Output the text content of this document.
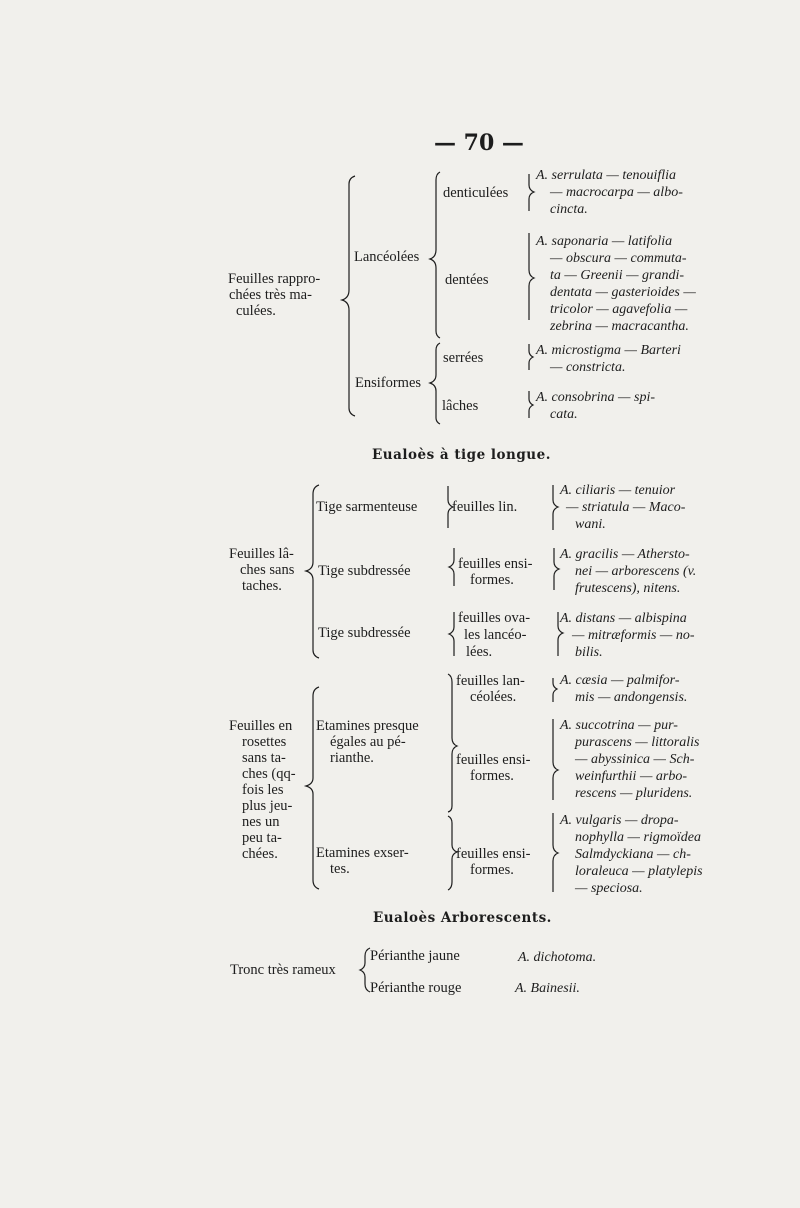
— 70 —
Feuilles rappro-
chées très ma-
culées.
Lancéolées
Ensiformes
denticulées
dentées
serrées
lâches
A. serrulata — tenouiflia
— macrocarpa — albo-
cincta.
A. saponaria — latifolia
— obscura — commuta-
ta — Greenii — grandi-
dentata — gasterioides —
tricolor — agavefolia —
zebrina — macracantha.
A. microstigma — Barteri
— constricta.
A. consobrina — spi-
cata.
Eualoès à tige longue.
Feuilles lâ-
ches sans
taches.
Tige sarmenteuse
Tige subdressée
Tige subdressée
feuilles lin.
feuilles ensi-
formes.
feuilles ova-
les lancéo-
lées.
A. ciliaris — tenuior
— striatula — Maco-
wani.
A. gracilis — Athersto-
nei — arborescens (v.
frutescens), nitens.
A. distans — albispina
— mitræformis — no-
bilis.
Feuilles en
rosettes
sans ta-
ches (qq-
fois les
plus jeu-
nes un
peu ta-
chées.
Etamines presque
égales au pé-
rianthe.
Etamines exser-
tes.
feuilles lan-
céolées.
feuilles ensi-
formes.
feuilles ensi-
formes.
A. cæsia — palmifor-
mis — andongensis.
A. succotrina — pur-
purascens — littoralis
— abyssinica — Sch-
weinfurthii — arbo-
rescens — pluridens.
A. vulgaris — dropa-
nophylla — rigmoïdea
Salmdyckiana — ch-
loraleuca — platylepis
— speciosa.
Eualoès Arborescents.
Tronc très rameux
Périanthe jaune
Périanthe rouge
A. dichotoma.
A. Bainesii.
